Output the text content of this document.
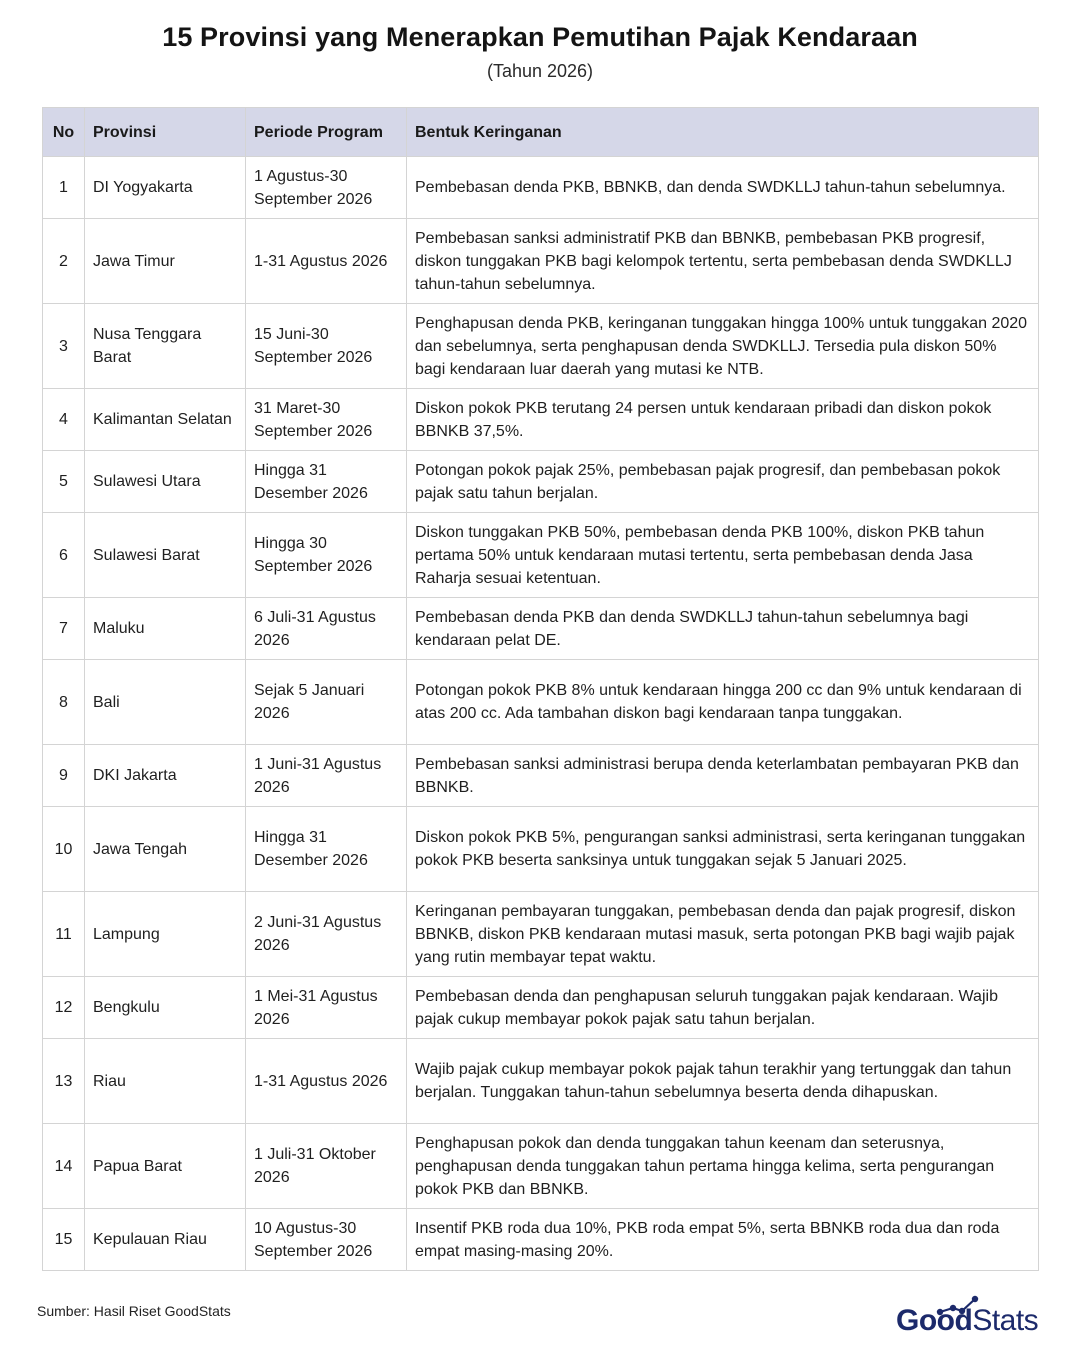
15 Provinsi yang Menerapkan Pemutihan Pajak Kendaraan
(Tahun 2026)
No	Provinsi	Periode Program	Bentuk Keringanan
1	DI Yogyakarta	1 Agustus-30 September 2026	Pembebasan denda PKB, BBNKB, dan denda SWDKLLJ tahun-tahun sebelumnya.
2	Jawa Timur	1-31 Agustus 2026	Pembebasan sanksi administratif PKB dan BBNKB, pembebasan PKB progresif, diskon tunggakan PKB bagi kelompok tertentu, serta pembebasan denda SWDKLLJ tahun-tahun sebelumnya.
3	Nusa Tenggara Barat	15 Juni-30 September 2026	Penghapusan denda PKB, keringanan tunggakan hingga 100% untuk tunggakan 2020 dan sebelumnya, serta penghapusan denda SWDKLLJ. Tersedia pula diskon 50% bagi kendaraan luar daerah yang mutasi ke NTB.
4	Kalimantan Selatan	31 Maret-30 September 2026	Diskon pokok PKB terutang 24 persen untuk kendaraan pribadi dan diskon pokok BBNKB 37,5%.
5	Sulawesi Utara	Hingga 31 Desember 2026	Potongan pokok pajak 25%, pembebasan pajak progresif, dan pembebasan pokok pajak satu tahun berjalan.
6	Sulawesi Barat	Hingga 30 September 2026	Diskon tunggakan PKB 50%, pembebasan denda PKB 100%, diskon PKB tahun pertama 50% untuk kendaraan mutasi tertentu, serta pembebasan denda Jasa Raharja sesuai ketentuan.
7	Maluku	6 Juli-31 Agustus 2026	Pembebasan denda PKB dan denda SWDKLLJ tahun-tahun sebelumnya bagi kendaraan pelat DE.
8	Bali	Sejak 5 Januari 2026	Potongan pokok PKB 8% untuk kendaraan hingga 200 cc dan 9% untuk kendaraan di atas 200 cc. Ada tambahan diskon bagi kendaraan tanpa tunggakan.
9	DKI Jakarta	1 Juni-31 Agustus 2026	Pembebasan sanksi administrasi berupa denda keterlambatan pembayaran PKB dan BBNKB.
10	Jawa Tengah	Hingga 31 Desember 2026	Diskon pokok PKB 5%, pengurangan sanksi administrasi, serta keringanan tunggakan pokok PKB beserta sanksinya untuk tunggakan sejak 5 Januari 2025.
11	Lampung	2 Juni-31 Agustus 2026	Keringanan pembayaran tunggakan, pembebasan denda dan pajak progresif, diskon BBNKB, diskon PKB kendaraan mutasi masuk, serta potongan PKB bagi wajib pajak yang rutin membayar tepat waktu.
12	Bengkulu	1 Mei-31 Agustus 2026	Pembebasan denda dan penghapusan seluruh tunggakan pajak kendaraan. Wajib pajak cukup membayar pokok pajak satu tahun berjalan.
13	Riau	1-31 Agustus 2026	Wajib pajak cukup membayar pokok pajak tahun terakhir yang tertunggak dan tahun berjalan. Tunggakan tahun-tahun sebelumnya beserta denda dihapuskan.
14	Papua Barat	1 Juli-31 Oktober 2026	Penghapusan pokok dan denda tunggakan tahun keenam dan seterusnya, penghapusan denda tunggakan tahun pertama hingga kelima, serta pengurangan pokok PKB dan BBNKB.
15	Kepulauan Riau	10 Agustus-30 September 2026	Insentif PKB roda dua 10%, PKB roda empat 5%, serta BBNKB roda dua dan roda empat masing-masing 20%.
Sumber: Hasil Riset GoodStats	GoodStats
